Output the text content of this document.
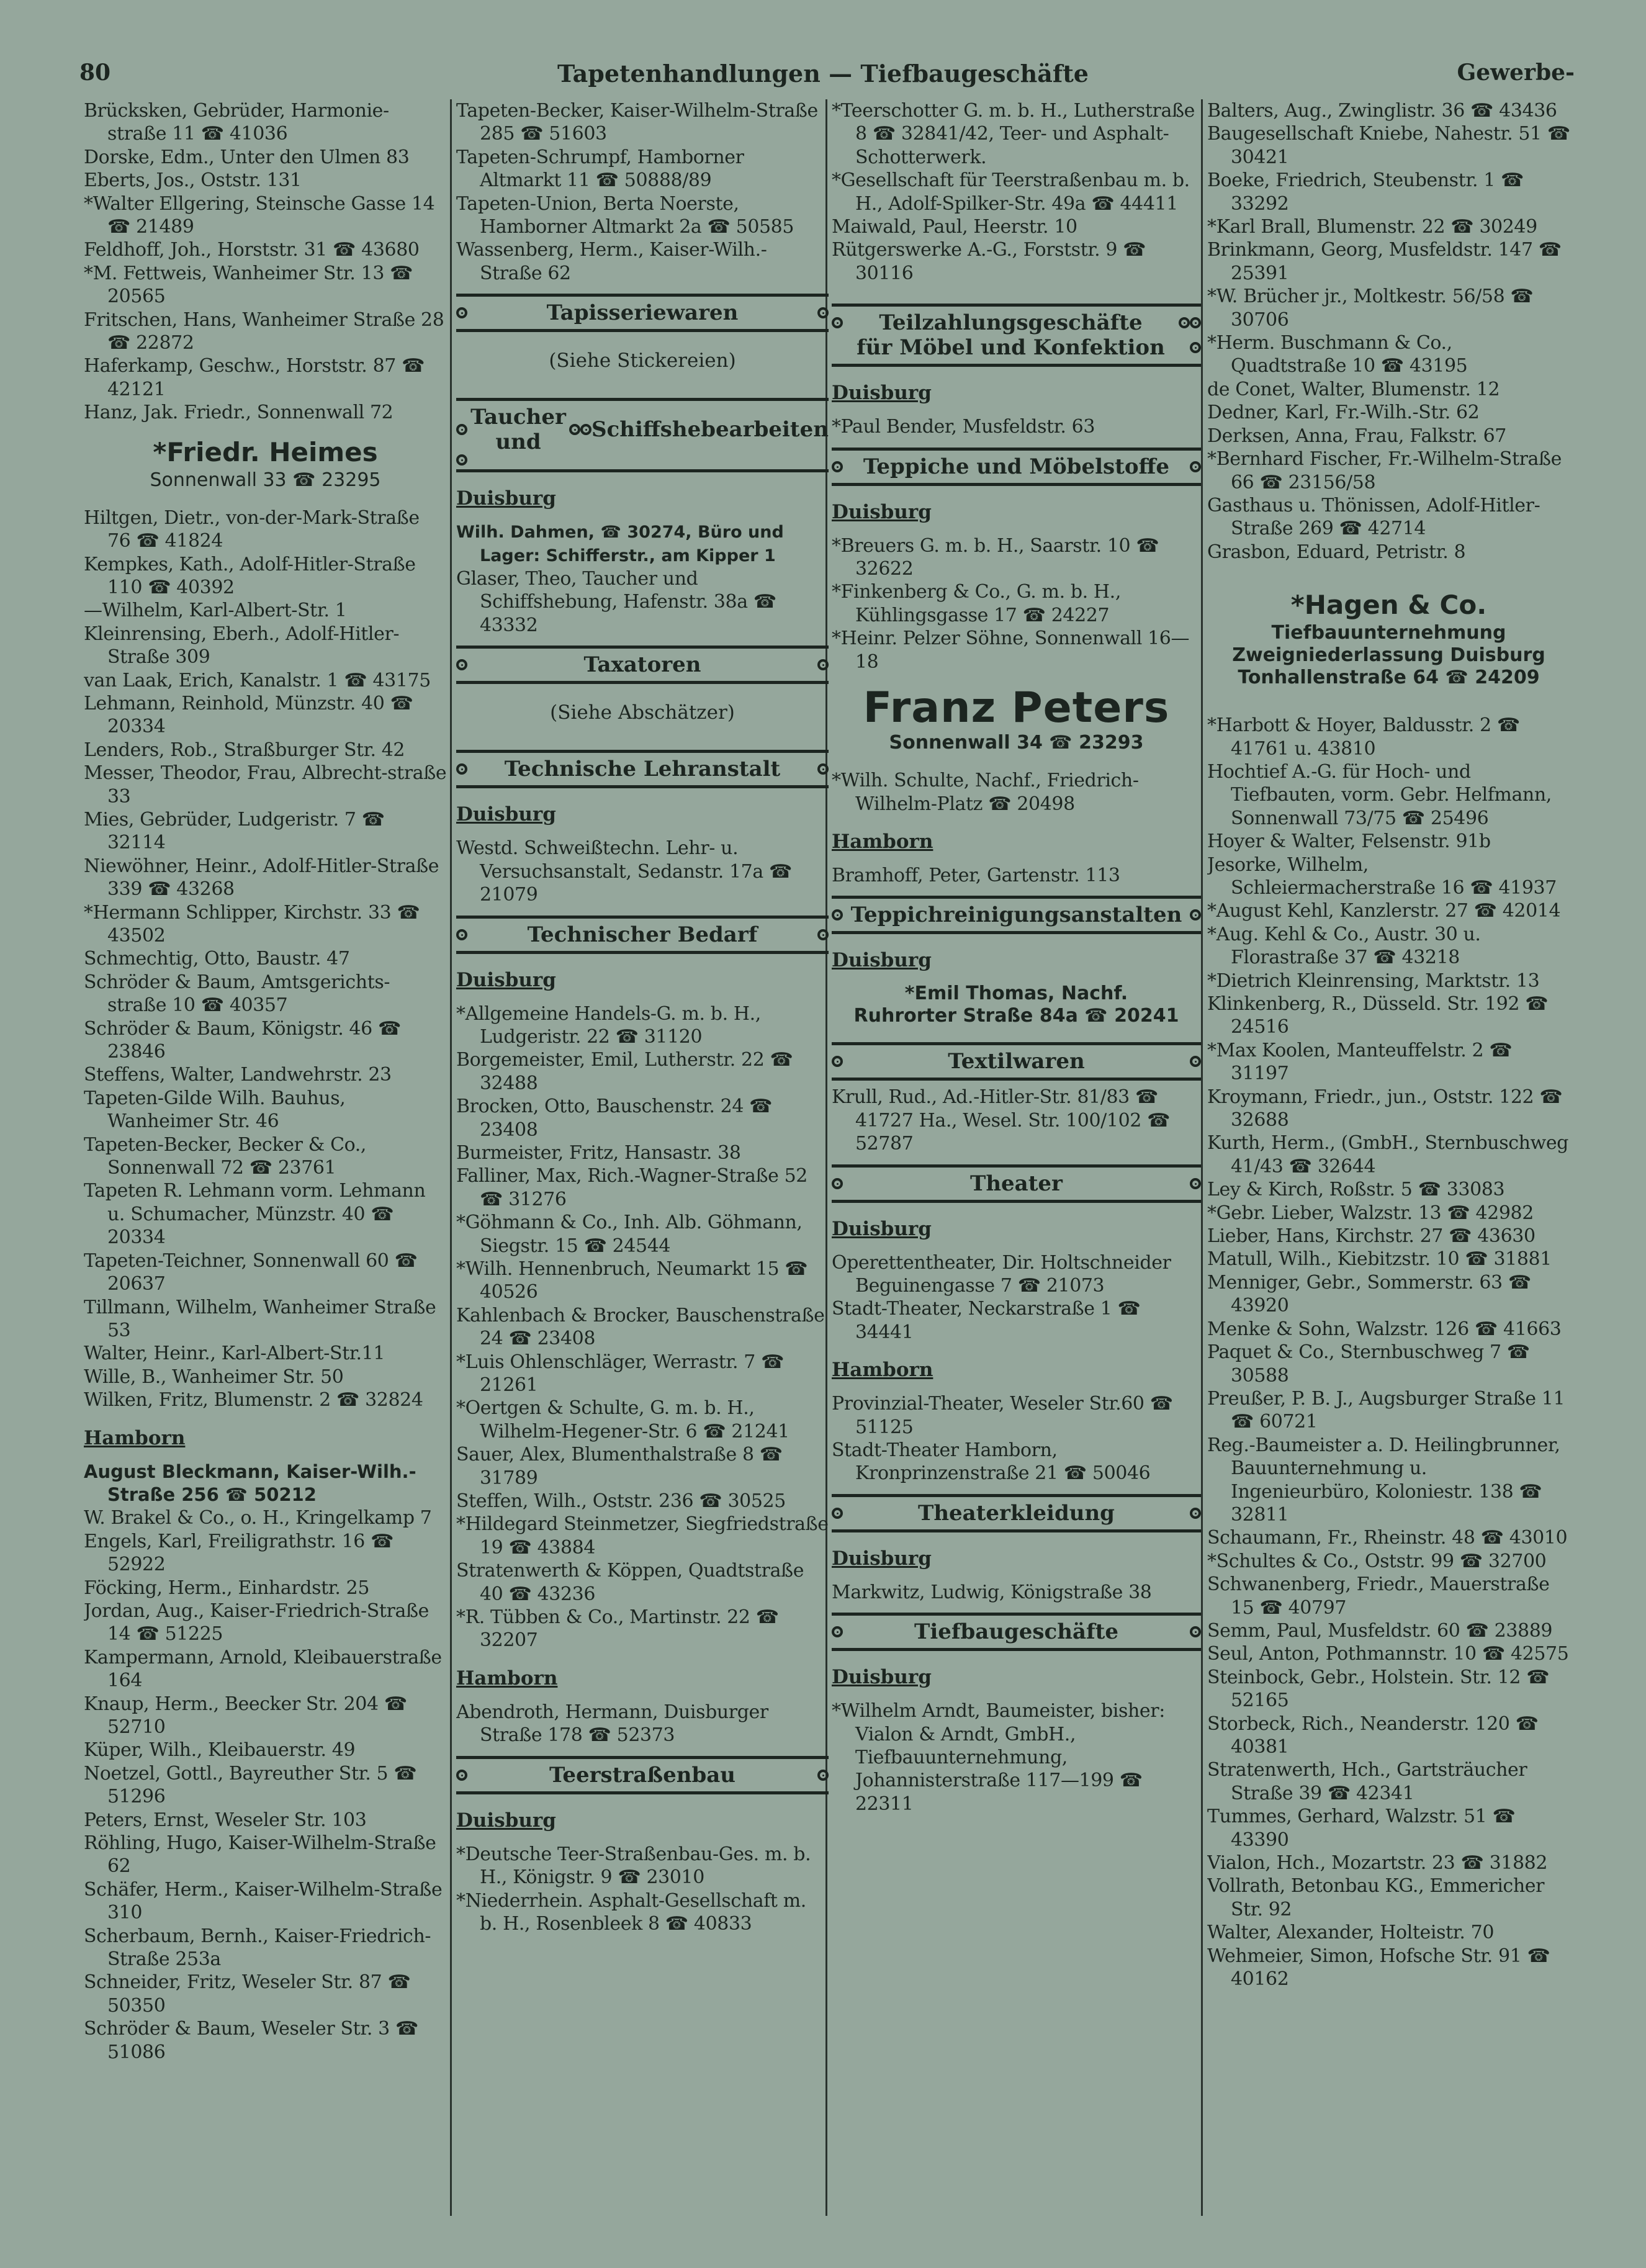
80	Tapetenhandlungen — Tiefbaugeschäfte	Gewerbe-

Brücksken, Gebrüder, Harmonie-straße 11 ☎ 41036

Dorske, Edm., Unter den Ulmen 83

Eberts, Jos., Oststr. 131

*Walter Ellgering, Steinsche Gasse 14 ☎ 21489

Feldhoff, Joh., Horststr. 31 ☎ 43680

*M. Fettweis, Wanheimer Str. 13 ☎ 20565

Fritschen, Hans, Wanheimer Straße 28 ☎ 22872

Haferkamp, Geschw., Horststr. 87 ☎ 42121

Hanz, Jak. Friedr., Sonnenwall 72

*Friedr. Heimes
Sonnenwall 33 ☎ 23295

Hiltgen, Dietr., von-der-Mark-Straße 76 ☎ 41824

Kempkes, Kath., Adolf-Hitler-Straße 110 ☎ 40392

—Wilhelm, Karl-Albert-Str. 1

Kleinrensing, Eberh., Adolf-Hitler-Straße 309

van Laak, Erich, Kanalstr. 1 ☎ 43175

Lehmann, Reinhold, Münzstr. 40 ☎ 20334

Lenders, Rob., Straßburger Str. 42

Messer, Theodor, Frau, Albrecht-straße 33

Mies, Gebrüder, Ludgeristr. 7 ☎ 32114

Niewöhner, Heinr., Adolf-Hitler-Straße 339 ☎ 43268

*Hermann Schlipper, Kirchstr. 33 ☎ 43502

Schmechtig, Otto, Baustr. 47

Schröder & Baum, Amtsgerichts-straße 10 ☎ 40357

Schröder & Baum, Königstr. 46 ☎ 23846

Steffens, Walter, Landwehrstr. 23

Tapeten-Gilde Wilh. Bauhus, Wanheimer Str. 46

Tapeten-Becker, Becker & Co., Sonnenwall 72 ☎ 23761

Tapeten R. Lehmann vorm. Lehmann u. Schumacher, Münzstr. 40 ☎ 20334

Tapeten-Teichner, Sonnenwall 60 ☎ 20637

Tillmann, Wilhelm, Wanheimer Straße 53

Walter, Heinr., Karl-Albert-Str.11

Wille, B., Wanheimer Str. 50

Wilken, Fritz, Blumenstr. 2 ☎ 32824

Hamborn

August Bleckmann, Kaiser-Wilh.-Straße 256 ☎ 50212

W. Brakel & Co., o. H., Kringelkamp 7

Engels, Karl, Freiligrathstr. 16 ☎ 52922

Föcking, Herm., Einhardstr. 25

Jordan, Aug., Kaiser-Friedrich-Straße 14 ☎ 51225

Kampermann, Arnold, Kleibauerstraße 164

Knaup, Herm., Beecker Str. 204 ☎ 52710

Küper, Wilh., Kleibauerstr. 49

Noetzel, Gottl., Bayreuther Str. 5 ☎ 51296

Peters, Ernst, Weseler Str. 103

Röhling, Hugo, Kaiser-Wilhelm-Straße 62

Schäfer, Herm., Kaiser-Wilhelm-Straße 310

Scherbaum, Bernh., Kaiser-Friedrich-Straße 253a

Schneider, Fritz, Weseler Str. 87 ☎ 50350

Schröder & Baum, Weseler Str. 3 ☎ 51086

Tapeten-Becker, Kaiser-Wilhelm-Straße 285 ☎ 51603

Tapeten-Schrumpf, Hamborner Altmarkt 11 ☎ 50888/89

Tapeten-Union, Berta Noerste, Hamborner Altmarkt 2a ☎ 50585

Wassenberg, Herm., Kaiser-Wilh.-Straße 62

Tapisseriewaren
(Siehe Stickereien)
Taucher und	Schiffshebearbeiten
Duisburg

Wilh. Dahmen, ☎ 30274, Büro und Lager: Schifferstr., am Kipper 1

Glaser, Theo, Taucher und Schiffshebung, Hafenstr. 38a ☎ 43332

Taxatoren
(Siehe Abschätzer)
Technische Lehranstalt
Duisburg

Westd. Schweißtechn. Lehr- u. Versuchsanstalt, Sedanstr. 17a ☎ 21079

Technischer Bedarf
Duisburg

*Allgemeine Handels-G. m. b. H., Ludgeristr. 22 ☎ 31120

Borgemeister, Emil, Lutherstr. 22 ☎ 32488

Brocken, Otto, Bauschenstr. 24 ☎ 23408

Burmeister, Fritz, Hansastr. 38

Falliner, Max, Rich.-Wagner-Straße 52 ☎ 31276

*Göhmann & Co., Inh. Alb. Göhmann, Siegstr. 15 ☎ 24544

*Wilh. Hennenbruch, Neumarkt 15 ☎ 40526

Kahlenbach & Brocker, Bauschenstraße 24 ☎ 23408

*Luis Ohlenschläger, Werrastr. 7 ☎ 21261

*Oertgen & Schulte, G. m. b. H., Wilhelm-Hegener-Str. 6 ☎ 21241

Sauer, Alex, Blumenthalstraße 8 ☎ 31789

Steffen, Wilh., Oststr. 236 ☎ 30525

*Hildegard Steinmetzer, Siegfriedstraße 19 ☎ 43884

Stratenwerth & Köppen, Quadtstraße 40 ☎ 43236

*R. Tübben & Co., Martinstr. 22 ☎ 32207

Hamborn

Abendroth, Hermann, Duisburger Straße 178 ☎ 52373

Teerstraßenbau
Duisburg

*Deutsche Teer-Straßenbau-Ges. m. b. H., Königstr. 9 ☎ 23010

*Niederrhein. Asphalt-Gesellschaft m. b. H., Rosenbleek 8 ☎ 40833

*Teerschotter G. m. b. H., Lutherstraße 8 ☎ 32841/42, Teer- und Asphalt-Schotterwerk.

*Gesellschaft für Teerstraßenbau m. b. H., Adolf-Spilker-Str. 49a ☎ 44411

Maiwald, Paul, Heerstr. 10

Rütgerswerke A.-G., Forststr. 9 ☎ 30116

Teilzahlungsgeschäfte
für Möbel und Konfektion
Duisburg

*Paul Bender, Musfeldstr. 63

Teppiche und Möbelstoffe
Duisburg

*Breuers G. m. b. H., Saarstr. 10 ☎ 32622

*Finkenberg & Co., G. m. b. H., Kühlingsgasse 17 ☎ 24227

*Heinr. Pelzer Söhne, Sonnenwall 16—18

Franz Peters
Sonnenwall 34 ☎ 23293

*Wilh. Schulte, Nachf., Friedrich-Wilhelm-Platz ☎ 20498

Hamborn

Bramhoff, Peter, Gartenstr. 113

Teppichreinigungsanstalten
Duisburg
*Emil Thomas, Nachf.
Ruhrorter Straße 84a ☎ 20241
Textilwaren

Krull, Rud., Ad.-Hitler-Str. 81/83 ☎ 41727 Ha., Wesel. Str. 100/102 ☎ 52787

Theater
Duisburg

Operettentheater, Dir. Holtschneider Beguinengasse 7 ☎ 21073

Stadt-Theater, Neckarstraße 1 ☎ 34441

Hamborn

Provinzial-Theater, Weseler Str.60 ☎ 51125

Stadt-Theater Hamborn, Kronprinzenstraße 21 ☎ 50046

Theaterkleidung
Duisburg

Markwitz, Ludwig, Königstraße 38

Tiefbaugeschäfte
Duisburg

*Wilhelm Arndt, Baumeister, bisher: Vialon & Arndt, GmbH., Tiefbauunternehmung, Johannisterstraße 117—199 ☎ 22311

Balters, Aug., Zwinglistr. 36 ☎ 43436

Baugesellschaft Kniebe, Nahestr. 51 ☎ 30421

Boeke, Friedrich, Steubenstr. 1 ☎ 33292

*Karl Brall, Blumenstr. 22 ☎ 30249

Brinkmann, Georg, Musfeldstr. 147 ☎ 25391

*W. Brücher jr., Moltkestr. 56/58 ☎ 30706

*Herm. Buschmann & Co., Quadtstraße 10 ☎ 43195

de Conet, Walter, Blumenstr. 12

Dedner, Karl, Fr.-Wilh.-Str. 62

Derksen, Anna, Frau, Falkstr. 67

*Bernhard Fischer, Fr.-Wilhelm-Straße 66 ☎ 23156/58

Gasthaus u. Thönissen, Adolf-Hitler-Straße 269 ☎ 42714

Grasbon, Eduard, Petristr. 8

*Hagen & Co.
Tiefbauunternehmung
Zweigniederlassung Duisburg
Tonhallenstraße 64 ☎ 24209

*Harbott & Hoyer, Baldusstr. 2 ☎ 41761 u. 43810

Hochtief A.-G. für Hoch- und Tiefbauten, vorm. Gebr. Helfmann, Sonnenwall 73/75 ☎ 25496

Hoyer & Walter, Felsenstr. 91b

Jesorke, Wilhelm, Schleiermacherstraße 16 ☎ 41937

*August Kehl, Kanzlerstr. 27 ☎ 42014

*Aug. Kehl & Co., Austr. 30 u. Florastraße 37 ☎ 43218

*Dietrich Kleinrensing, Marktstr. 13

Klinkenberg, R., Düsseld. Str. 192 ☎ 24516

*Max Koolen, Manteuffelstr. 2 ☎ 31197

Kroymann, Friedr., jun., Oststr. 122 ☎ 32688

Kurth, Herm., (GmbH., Sternbuschweg 41/43 ☎ 32644

Ley & Kirch, Roßstr. 5 ☎ 33083

*Gebr. Lieber, Walzstr. 13 ☎ 42982

Lieber, Hans, Kirchstr. 27 ☎ 43630

Matull, Wilh., Kiebitzstr. 10 ☎ 31881

Menniger, Gebr., Sommerstr. 63 ☎ 43920

Menke & Sohn, Walzstr. 126 ☎ 41663

Paquet & Co., Sternbuschweg 7 ☎ 30588

Preußer, P. B. J., Augsburger Straße 11 ☎ 60721

Reg.-Baumeister a. D. Heilingbrunner, Bauunternehmung u. Ingenieurbüro, Koloniestr. 138 ☎ 32811

Schaumann, Fr., Rheinstr. 48 ☎ 43010

*Schultes & Co., Oststr. 99 ☎ 32700

Schwanenberg, Friedr., Mauerstraße 15 ☎ 40797

Semm, Paul, Musfeldstr. 60 ☎ 23889

Seul, Anton, Pothmannstr. 10 ☎ 42575

Steinbock, Gebr., Holstein. Str. 12 ☎ 52165

Storbeck, Rich., Neanderstr. 120 ☎ 40381

Stratenwerth, Hch., Gartsträucher Straße 39 ☎ 42341

Tummes, Gerhard, Walzstr. 51 ☎ 43390

Vialon, Hch., Mozartstr. 23 ☎ 31882

Vollrath, Betonbau KG., Emmericher Str. 92

Walter, Alexander, Holteistr. 70

Wehmeier, Simon, Hofsche Str. 91 ☎ 40162
